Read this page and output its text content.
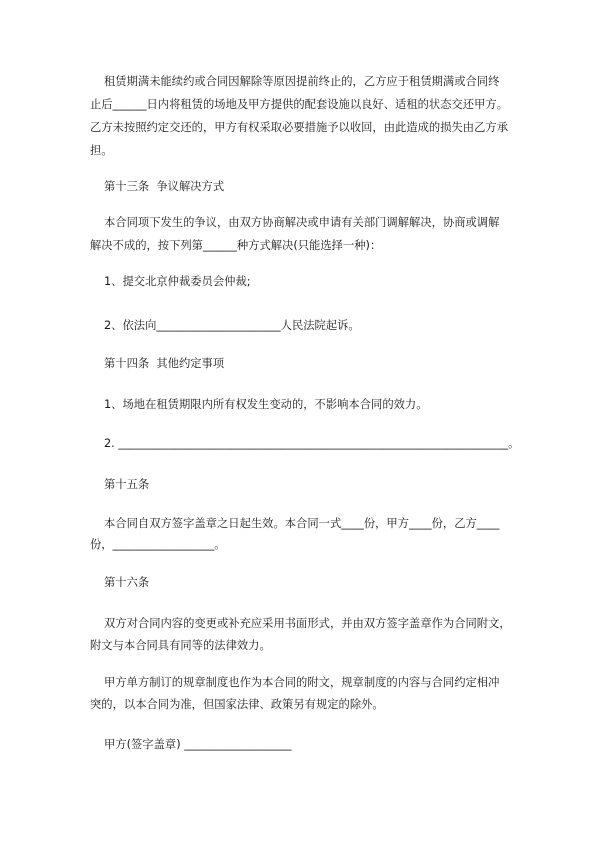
租赁期满未能续约或合同因解除等原因提前终止的，乙方应于租赁期满或合同终
止后______日内将租赁的场地及甲方提供的配套设施以良好、适租的状态交还甲方。
乙方未按照约定交还的，甲方有权采取必要措施予以收回，由此造成的损失由乙方承
担。
第十三条  争议解决方式
本合同项下发生的争议，由双方协商解决或申请有关部门调解解决，协商或调解
解决不成的，按下列第______种方式解决(只能选择一种)：
1、提交北京仲裁委员会仲裁;
2、依法向______________________人民法院起诉。
第十四条  其他约定事项
1、场地在租赁期限内所有权发生变动的，不影响本合同的效力。
2. _____________________________________________________________________。
第十五条
本合同自双方签字盖章之日起生效。本合同一式____份，甲方____份，乙方____
份，__________________。
第十六条
双方对合同内容的变更或补充应采用书面形式，并由双方签字盖章作为合同附文，
附文与本合同具有同等的法律效力。
甲方单方制订的规章制度也作为本合同的附文，规章制度的内容与合同约定相冲
突的，以本合同为准，但国家法律、政策另有规定的除外。
甲方(签字盖章) ___________________
